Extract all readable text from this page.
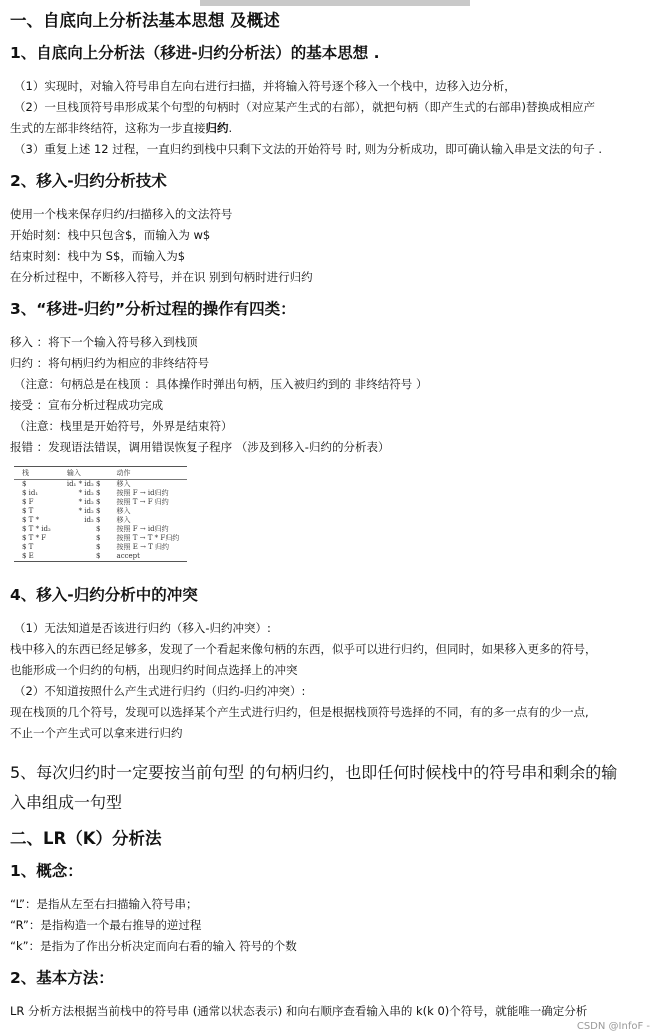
一、自底向上分析法基本思想 及概述
1、自底向上分析法（移进-归约分析法）的基本思想 .

（1）实现时，对输入符号串自左向右进行扫描，并将输入符号逐个移入一个栈中，边移入边分析，

（2）一旦栈顶符号串形成某个句型的句柄时（对应某产生式的右部），就把句柄（即产生式的右部串)替换成相应产

生式的左部非终结符，这称为一步直接归约.

（3）重复上述 12 过程，一直归约到栈中只剩下文法的开始符号 时, 则为分析成功，即可确认输入串是文法的句子 .

2、移入-归约分析技术

使用一个栈来保存归约/扫描移入的文法符号

开始时刻：栈中只包含$，而输入为 w$

结束时刻：栈中为 S$，而输入为$

在分析过程中，不断移入符号，并在识 别到句柄时进行归约

3、“移进-归约”分析过程的操作有四类：

移入 ：将下一个输入符号移入到栈顶

归约 ：将句柄归约为相应的非终结符号

（注意：句柄总是在栈顶 ：具体操作时弹出句柄，压入被归约到的 非终结符号 ）

接受 ：宣布分析过程成功完成

（注意：栈里是开始符号，外界是结束符）

报错 ：发现语法错误，调用错误恢复子程序 （涉及到移入-归约的分析表）

栈	输入	动作
$	id₁ * id₂ $	移入
$ id₁	* id₂ $	按照 F → id归约
$ F	* id₂ $	按照 T → F 归约
$ T	* id₂ $	移入
$ T *	id₂ $	移入
$ T * id₂	$	按照 F → id归约
$ T * F	$	按照 T → T * F归约
$ T	$	按照 E → T 归约
$ E	$	accept
4、移入-归约分析中的冲突

（1）无法知道是否该进行归约（移入-归约冲突）:

栈中移入的东西已经足够多，发现了一个看起来像句柄的东西，似乎可以进行归约，但同时，如果移入更多的符号，

也能形成一个归约的句柄，出现归约时间点选择上的冲突

（2）不知道按照什么产生式进行归约（归约-归约冲突）:

现在栈顶的几个符号，发现可以选择某个产生式进行归约，但是根据栈顶符号选择的不同，有的多一点有的少一点,

不止一个产生式可以拿来进行归约

5、每次归约时一定要按当前句型 的句柄归约，也即任何时候栈中的符号串和剩余的输
入串组成一句型
二、LR（K）分析法
1、概念：

“L”：是指从左至右扫描输入符号串；

“R”：是指构造一个最右推导的逆过程

“k”：是指为了作出分析决定而向右看的输入 符号的个数

2、基本方法：

LR 分析方法根据当前栈中的符号串 (通常以状态表示) 和向右顺序查看输入串的 k(k 0)个符号，就能唯一确定分析

CSDN @InfoF -
